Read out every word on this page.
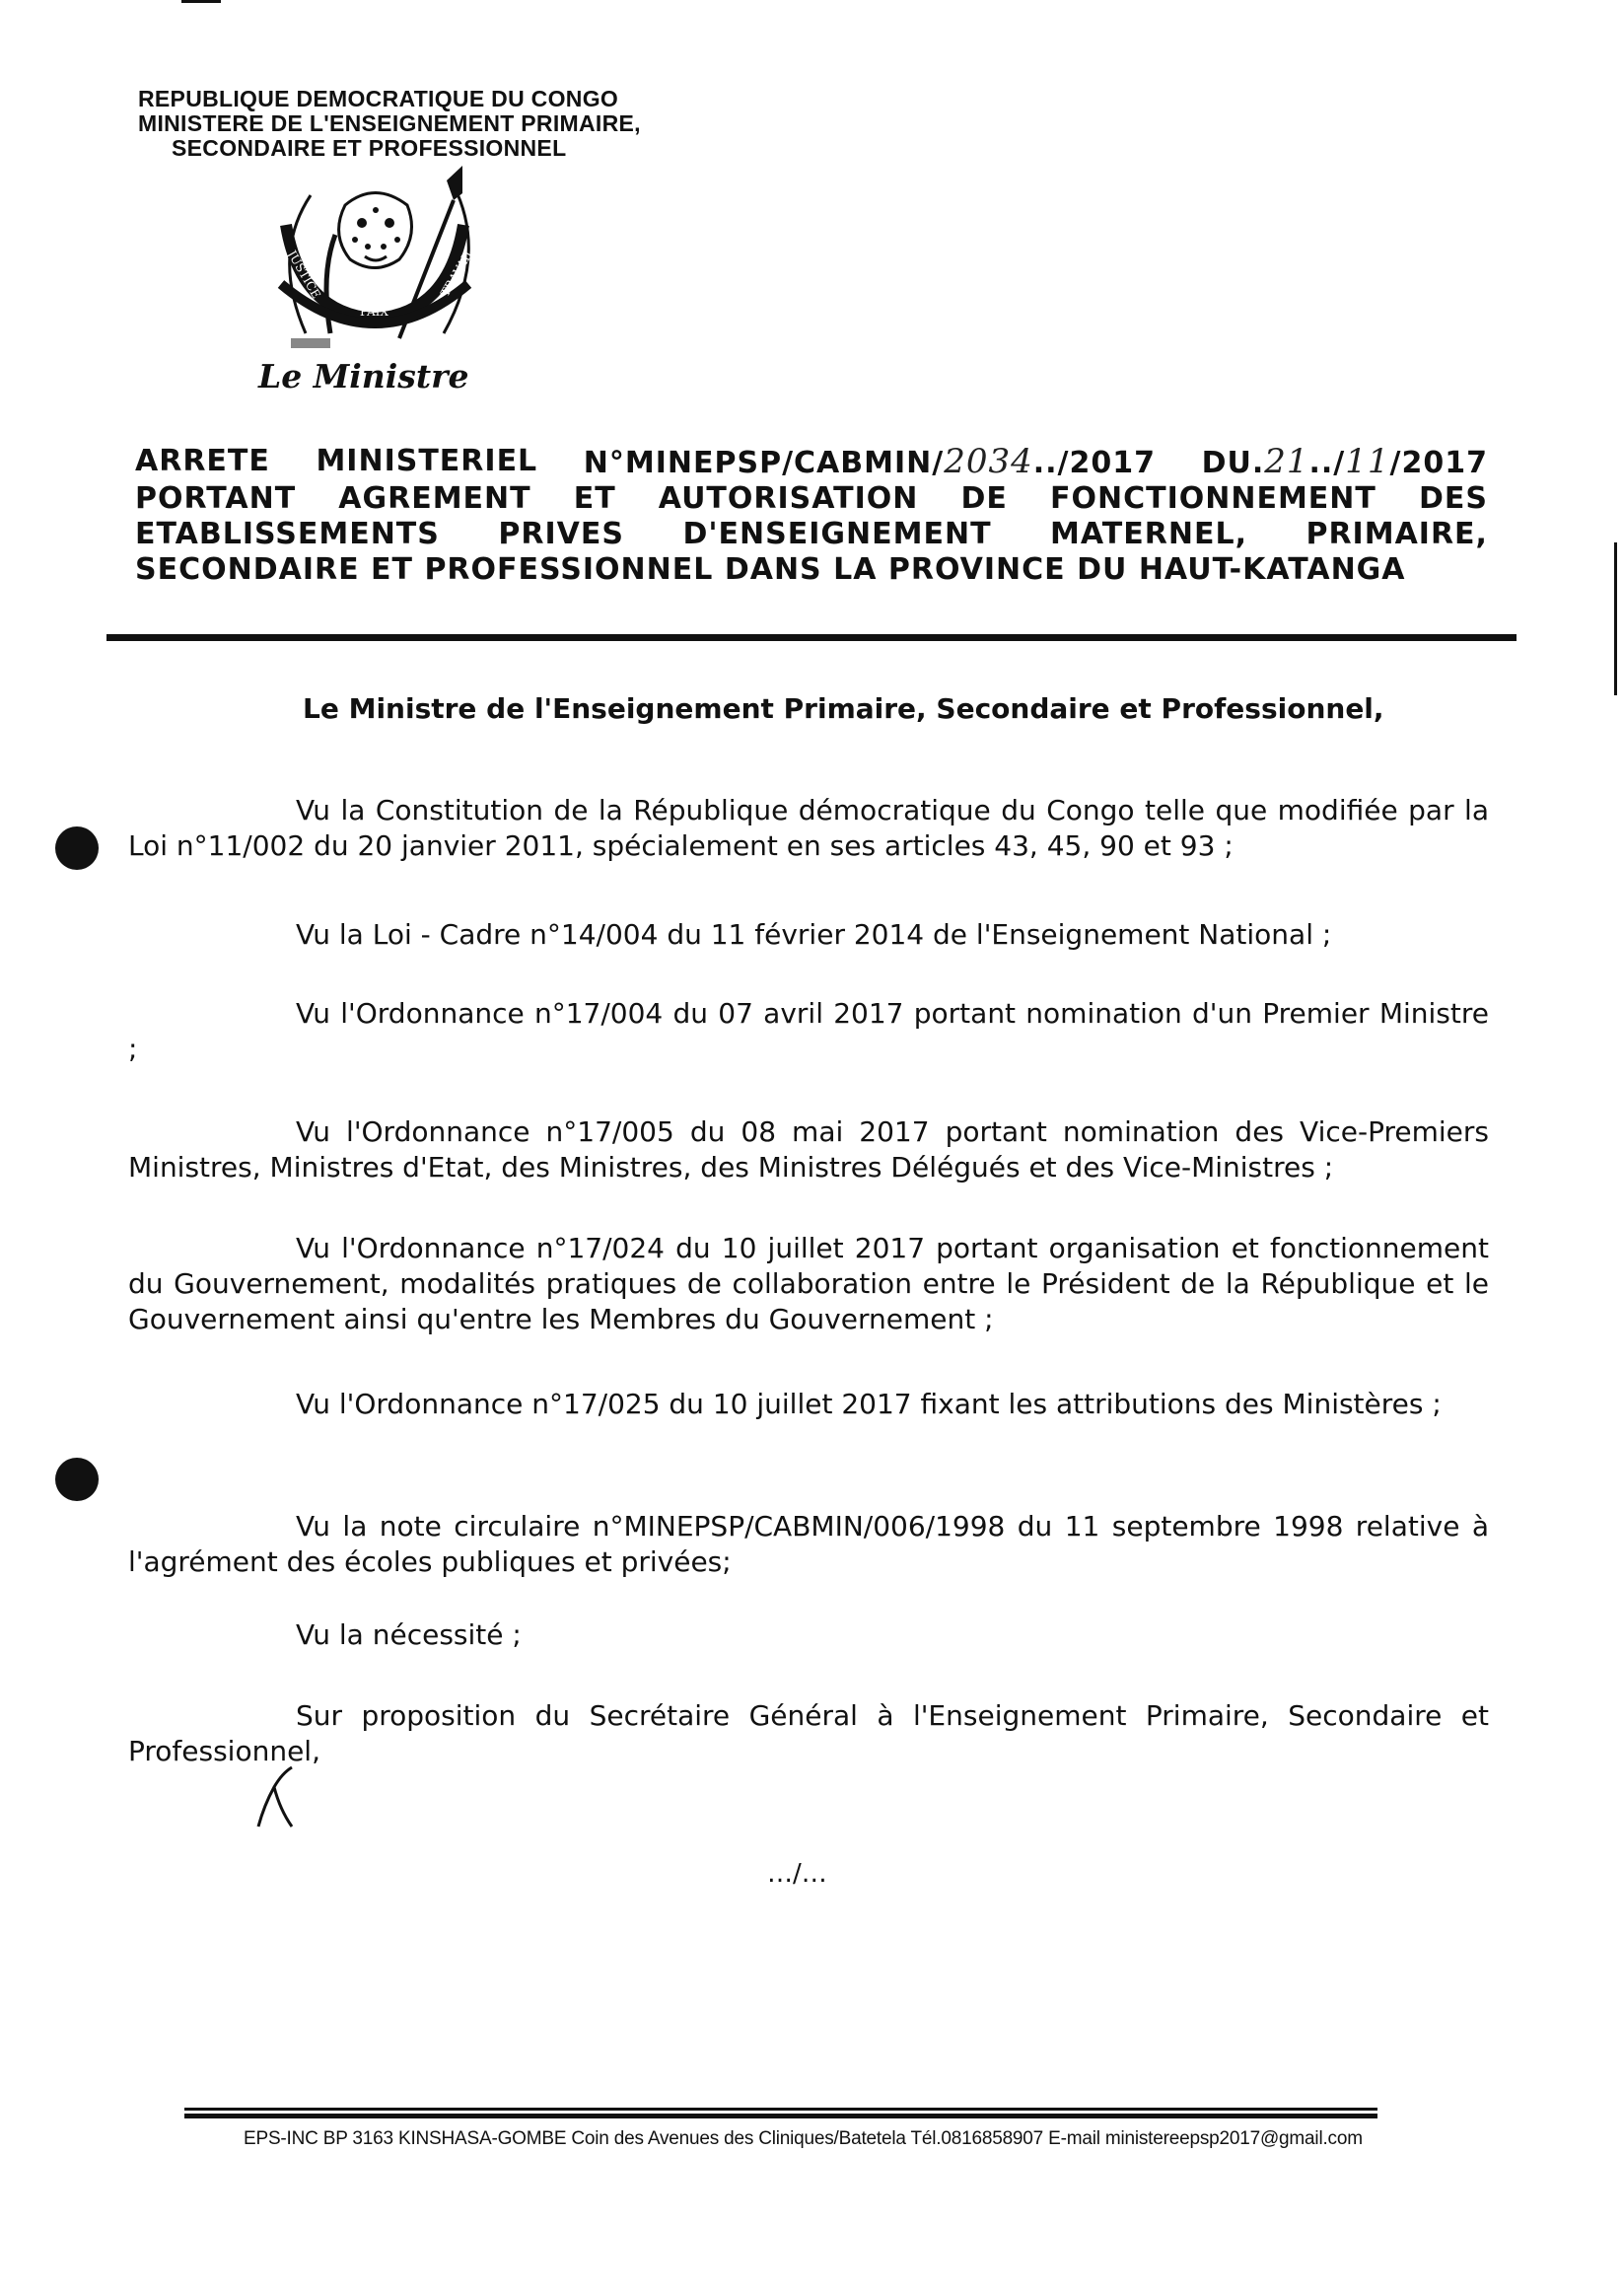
REPUBLIQUE DEMOCRATIQUE DU CONGO
MINISTERE DE L'ENSEIGNEMENT PRIMAIRE,
SECONDAIRE ET PROFESSIONNEL
JUSTICE
PAIX
TRAVAIL
Le Ministre
ARRETE MINISTERIEL N°MINEPSP/CABMIN/2034../2017 DU.21../11/2017
PORTANT AGREMENT ET AUTORISATION DE FONCTIONNEMENT DES
ETABLISSEMENTS PRIVES D'ENSEIGNEMENT MATERNEL, PRIMAIRE,
SECONDAIRE ET PROFESSIONNEL DANS LA PROVINCE DU HAUT-KATANGA
Le Ministre de l'Enseignement Primaire, Secondaire et Professionnel,
Vu la Constitution de la République démocratique du Congo telle que modifiée par la Loi n°11/002 du 20 janvier 2011, spécialement en ses articles 43, 45, 90 et 93 ;
Vu la Loi - Cadre n°14/004 du 11 février 2014 de l'Enseignement National ;
Vu l'Ordonnance n°17/004 du 07 avril 2017 portant nomination d'un Premier Ministre ;
Vu l'Ordonnance n°17/005 du 08 mai 2017 portant nomination des Vice-Premiers Ministres, Ministres d'Etat, des Ministres, des Ministres Délégués et des Vice-Ministres ;
Vu l'Ordonnance n°17/024 du 10 juillet 2017 portant organisation et fonctionnement du Gouvernement, modalités pratiques de collaboration entre le Président de la République et le Gouvernement ainsi qu'entre les Membres du Gouvernement ;
Vu l'Ordonnance n°17/025 du 10 juillet 2017 fixant les attributions des Ministères ;
Vu la note circulaire n°MINEPSP/CABMIN/006/1998 du 11 septembre 1998 relative à l'agrément des écoles publiques et privées;
Vu la nécessité ;
Sur proposition du Secrétaire Général à l'Enseignement Primaire, Secondaire et Professionnel,
…/…
EPS-INC BP 3163 KINSHASA-GOMBE Coin des Avenues des Cliniques/Batetela Tél.0816858907 E-mail ministereepsp2017@gmail.com
